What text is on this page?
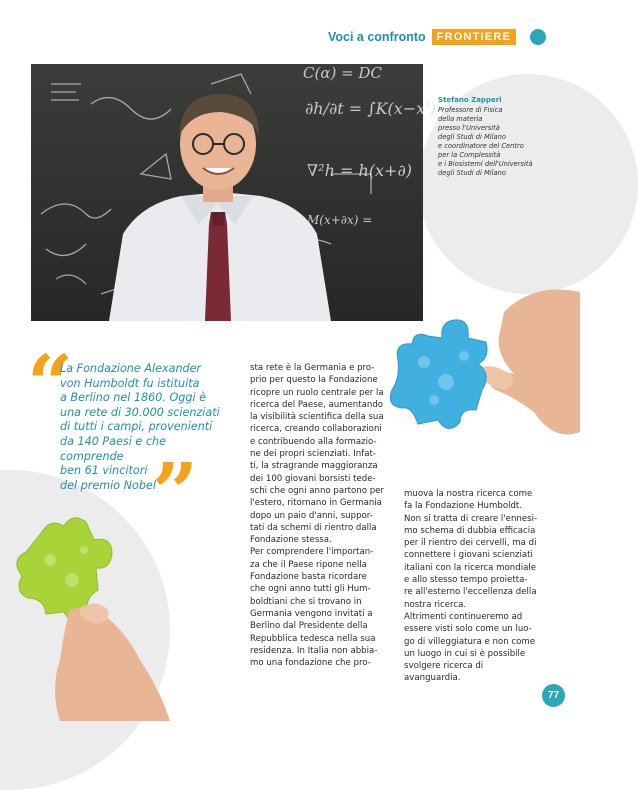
Voci a confronto	FRONTIERE
C(α) = DC
∂h/∂t = ∫K(x−x') d
∇²h = h(x+∂)
M(x+∂x) =
Stefano Zapperi
Professore di Fisica
della materia
presso l'Università
degli Studi di Milano
e coordinatore del Centro
per la Complessità
e i Biosistemi dell'Università
degli Studi di Milano
“
La Fondazione Alexander
von Humboldt fu istituita
a Berlino nel 1860. Oggi è
una rete di 30.000 scienziati
di tutti i campi, provenienti
da 140 Paesi e che comprende
ben 61 vincitori
del premio Nobel
”

sta rete è la Germania e pro-

prio per questo la Fondazione

ricopre un ruolo centrale per la

ricerca del Paese, aumentando

la visibilità scientifica della sua

ricerca, creando collaborazioni

e contribuendo alla formazio-

ne dei propri scienziati. Infat-

ti, la stragrande maggioranza

dei 100 giovani borsisti tede-

schi che ogni anno partono per

l'estero, ritornano in Germania

dopo un paio d'anni, suppor-

tati da schemi di rientro dalla

Fondazione stessa.

Per comprendere l'importan-

za che il Paese ripone nella

Fondazione basta ricordare

che ogni anno tutti gli Hum-

boldtiani che si trovano in

Germania vengono invitati a

Berlino dal Presidente della

Repubblica tedesca nella sua

residenza. In Italia non abbia-

mo una fondazione che pro-

muova la nostra ricerca come

fa la Fondazione Humboldt.

Non si tratta di creare l'ennesi-

mo schema di dubbia efficacia

per il rientro dei cervelli, ma di

connettere i giovani scienziati

italiani con la ricerca mondiale

e allo stesso tempo proietta-

re all'esterno l'eccellenza della

nostra ricerca.

Altrimenti continueremo ad

essere visti solo come un luo-

go di villeggiatura e non come

un luogo in cui si è possibile

svolgere ricerca di avanguardia.

77
